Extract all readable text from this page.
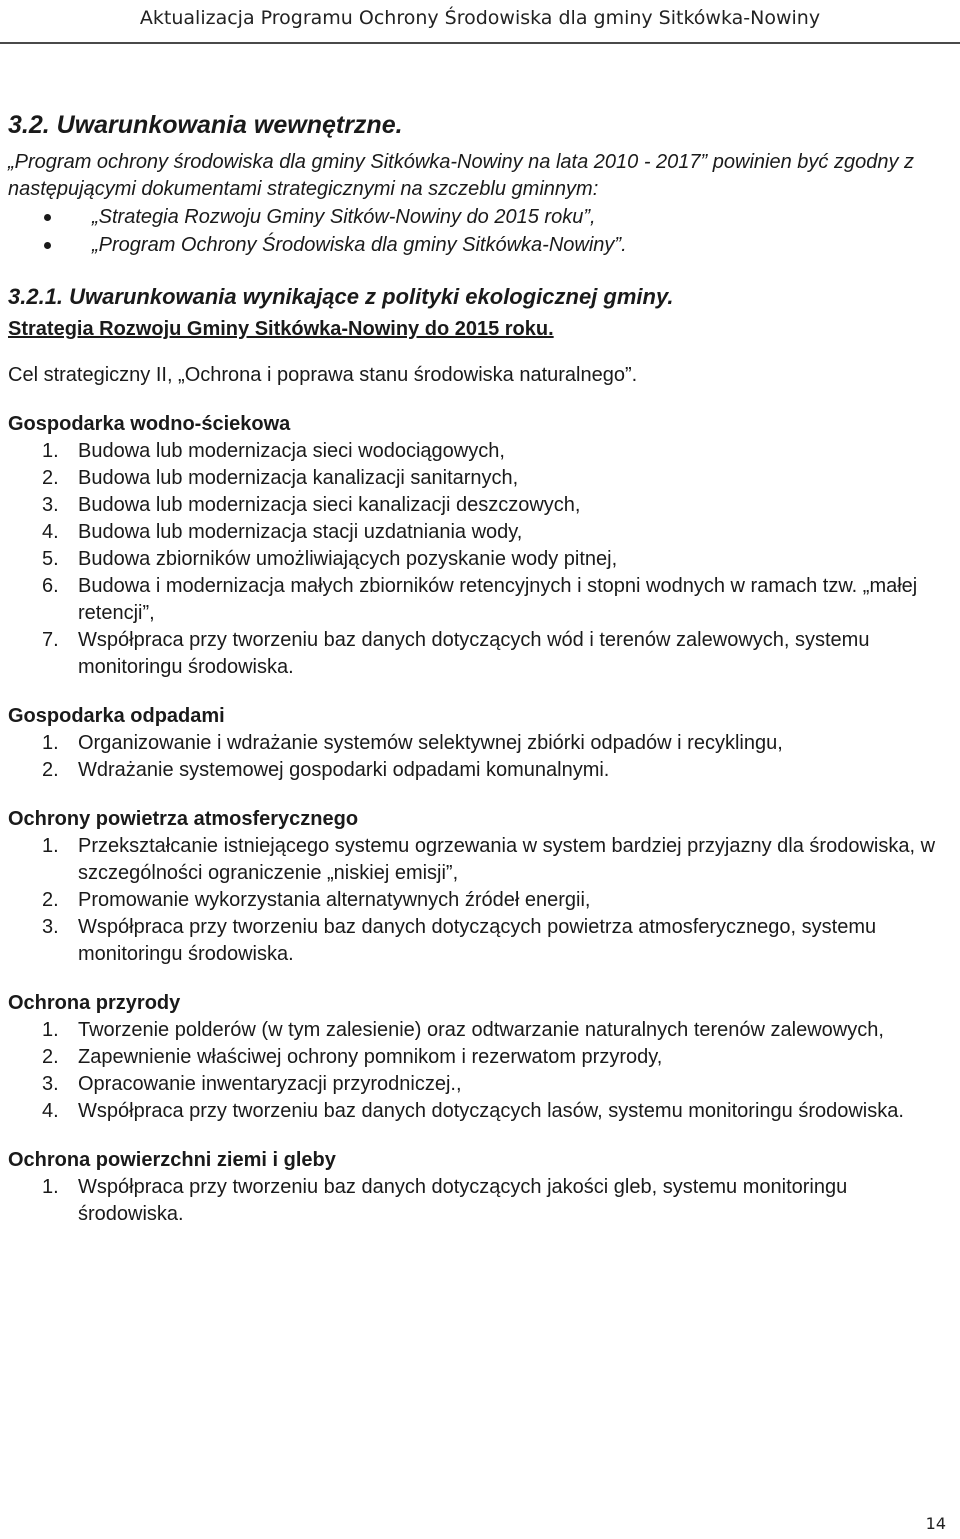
Aktualizacja Programu Ochrony Środowiska dla gminy Sitkówka-Nowiny
3.2. Uwarunkowania wewnętrzne.

„Program ochrony środowiska dla gminy Sitkówka-Nowiny na lata 2010 - 2017” powinien być zgodny z następującymi dokumentami strategicznymi na szczeblu gminnym:

„Strategia Rozwoju Gminy Sitków-Nowiny do 2015 roku”,
„Program Ochrony Środowiska dla gminy Sitkówka-Nowiny”.
3.2.1. Uwarunkowania wynikające z polityki ekologicznej gminy.

Strategia Rozwoju Gminy Sitkówka-Nowiny do 2015 roku.

Cel strategiczny II, „Ochrona i poprawa stanu środowiska naturalnego”.

Gospodarka wodno-ściekowa
1. Budowa lub modernizacja sieci wodociągowych,
2. Budowa lub modernizacja kanalizacji sanitarnych,
3. Budowa lub modernizacja sieci kanalizacji deszczowych,
4. Budowa lub modernizacja stacji uzdatniania wody,
5. Budowa zbiorników umożliwiających pozyskanie wody pitnej,
6. Budowa i modernizacja małych zbiorników retencyjnych i stopni wodnych w ramach tzw. „małej retencji”,
7. Współpraca przy tworzeniu baz danych dotyczących wód i terenów zalewowych, systemu monitoringu środowiska.
Gospodarka odpadami
1. Organizowanie i wdrażanie systemów selektywnej zbiórki odpadów i recyklingu,
2. Wdrażanie systemowej gospodarki odpadami komunalnymi.
Ochrony powietrza atmosferycznego
1. Przekształcanie istniejącego systemu ogrzewania w system bardziej przyjazny dla środowiska, w szczególności ograniczenie „niskiej emisji”,
2. Promowanie wykorzystania alternatywnych źródeł energii,
3. Współpraca przy tworzeniu baz danych dotyczących powietrza atmosferycznego, systemu monitoringu środowiska.
Ochrona przyrody
1. Tworzenie polderów (w tym zalesienie) oraz odtwarzanie naturalnych terenów zalewowych,
2. Zapewnienie właściwej ochrony pomnikom i rezerwatom przyrody,
3. Opracowanie inwentaryzacji przyrodniczej.,
4. Współpraca przy tworzeniu baz danych dotyczących lasów, systemu monitoringu środowiska.
Ochrona powierzchni ziemi i gleby
1. Współpraca przy tworzeniu baz danych dotyczących jakości gleb, systemu monitoringu środowiska.
14
